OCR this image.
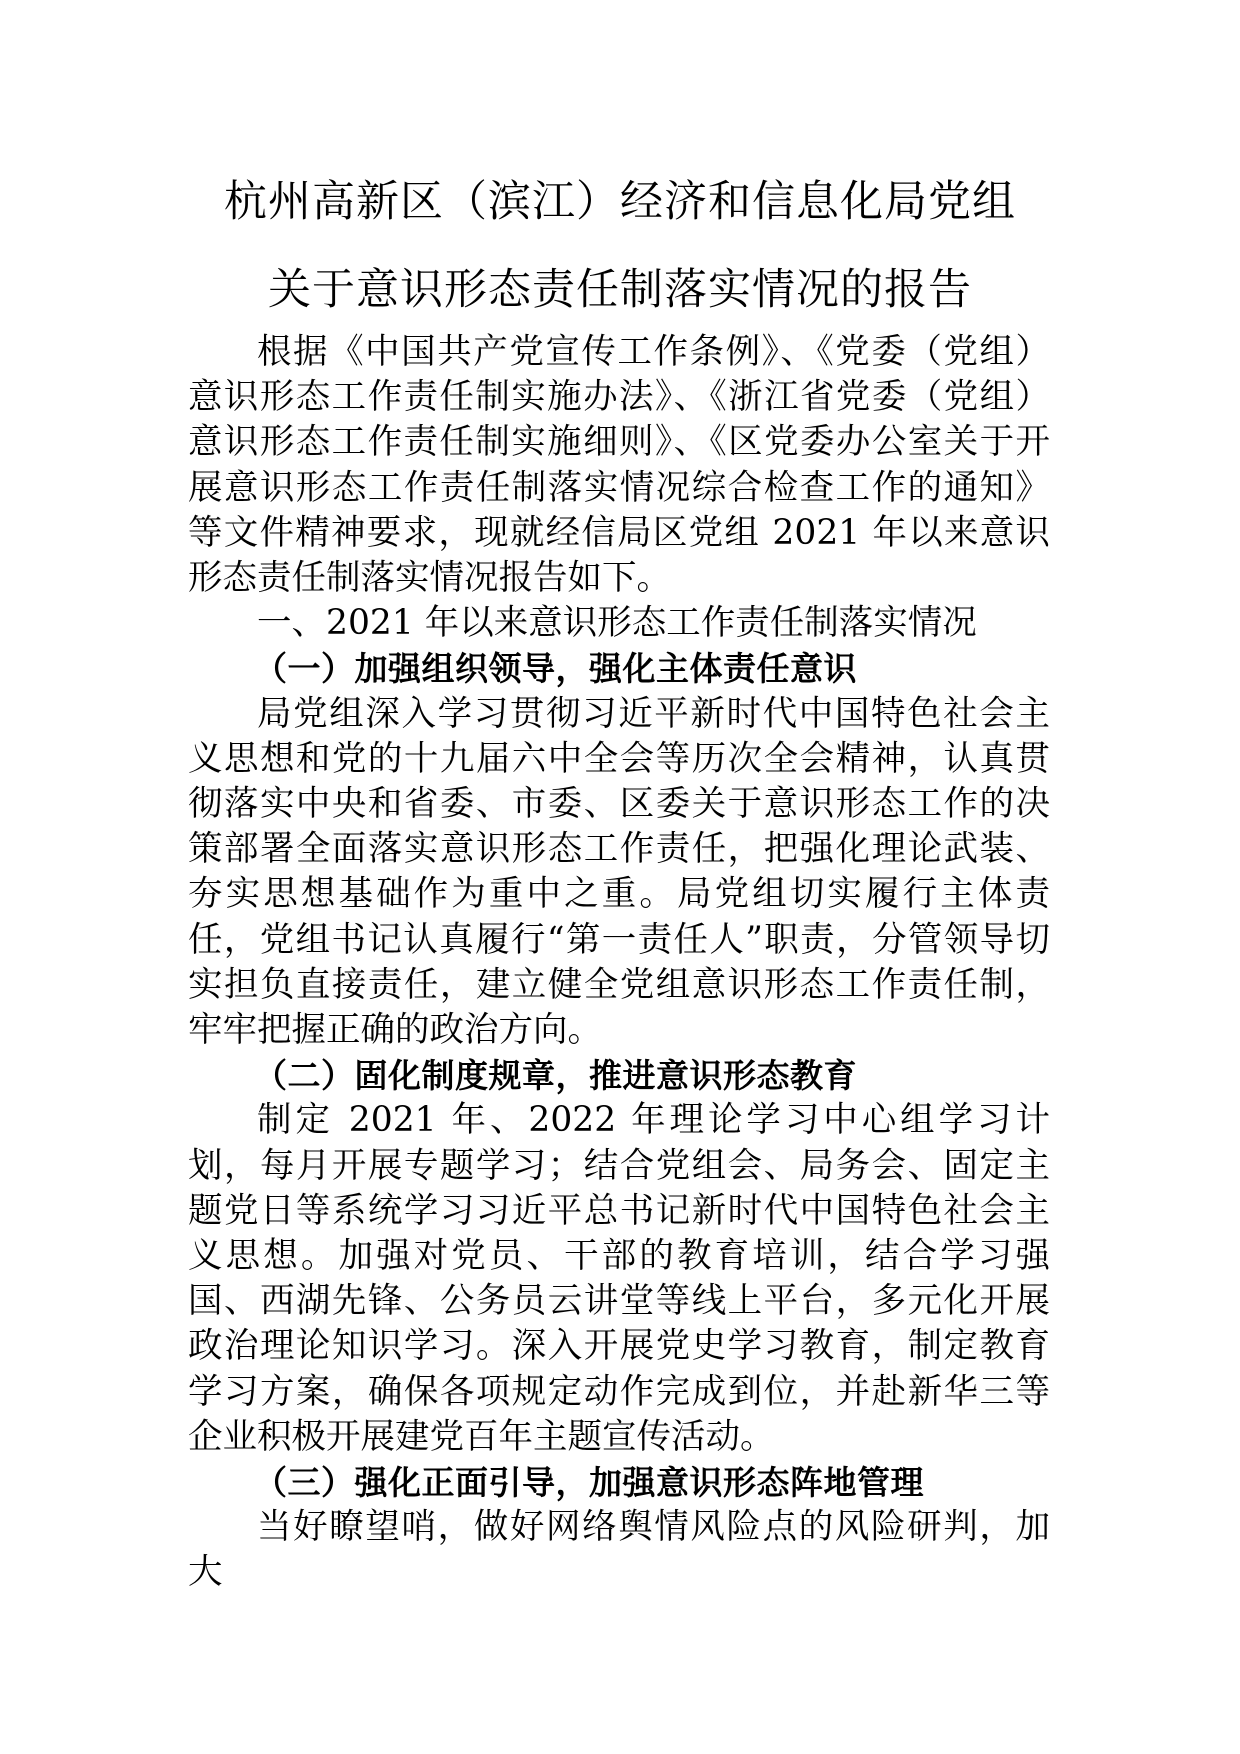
杭州高新区（滨江）经济和信息化局党组
关于意识形态责任制落实情况的报告

根据《中国共产党宣传工作条例》、《党委（党组）意识形态工作责任制实施办法》、《浙江省党委（党组）意识形态工作责任制实施细则》、《区党委办公室关于开展意识形态工作责任制落实情况综合检查工作的通知》等文件精神要求，现就经信局区党组 2021 年以来意识形态责任制落实情况报告如下。

一、2021 年以来意识形态工作责任制落实情况

（一）加强组织领导，强化主体责任意识

局党组深入学习贯彻习近平新时代中国特色社会主义思想和党的十九届六中全会等历次全会精神，认真贯彻落实中央和省委、市委、区委关于意识形态工作的决策部署全面落实意识形态工作责任，把强化理论武装、夯实思想基础作为重中之重。局党组切实履行主体责任，党组书记认真履行“第一责任人”职责，分管领导切实担负直接责任，建立健全党组意识形态工作责任制，牢牢把握正确的政治方向。

（二）固化制度规章，推进意识形态教育

制定 2021 年、2022 年理论学习中心组学习计划，每月开展专题学习；结合党组会、局务会、固定主题党日等系统学习习近平总书记新时代中国特色社会主义思想。加强对党员、干部的教育培训，结合学习强国、西湖先锋、公务员云讲堂等线上平台，多元化开展政治理论知识学习。深入开展党史学习教育，制定教育学习方案，确保各项规定动作完成到位，并赴新华三等企业积极开展建党百年主题宣传活动。

（三）强化正面引导，加强意识形态阵地管理

当好瞭望哨，做好网络舆情风险点的风险研判，加大
